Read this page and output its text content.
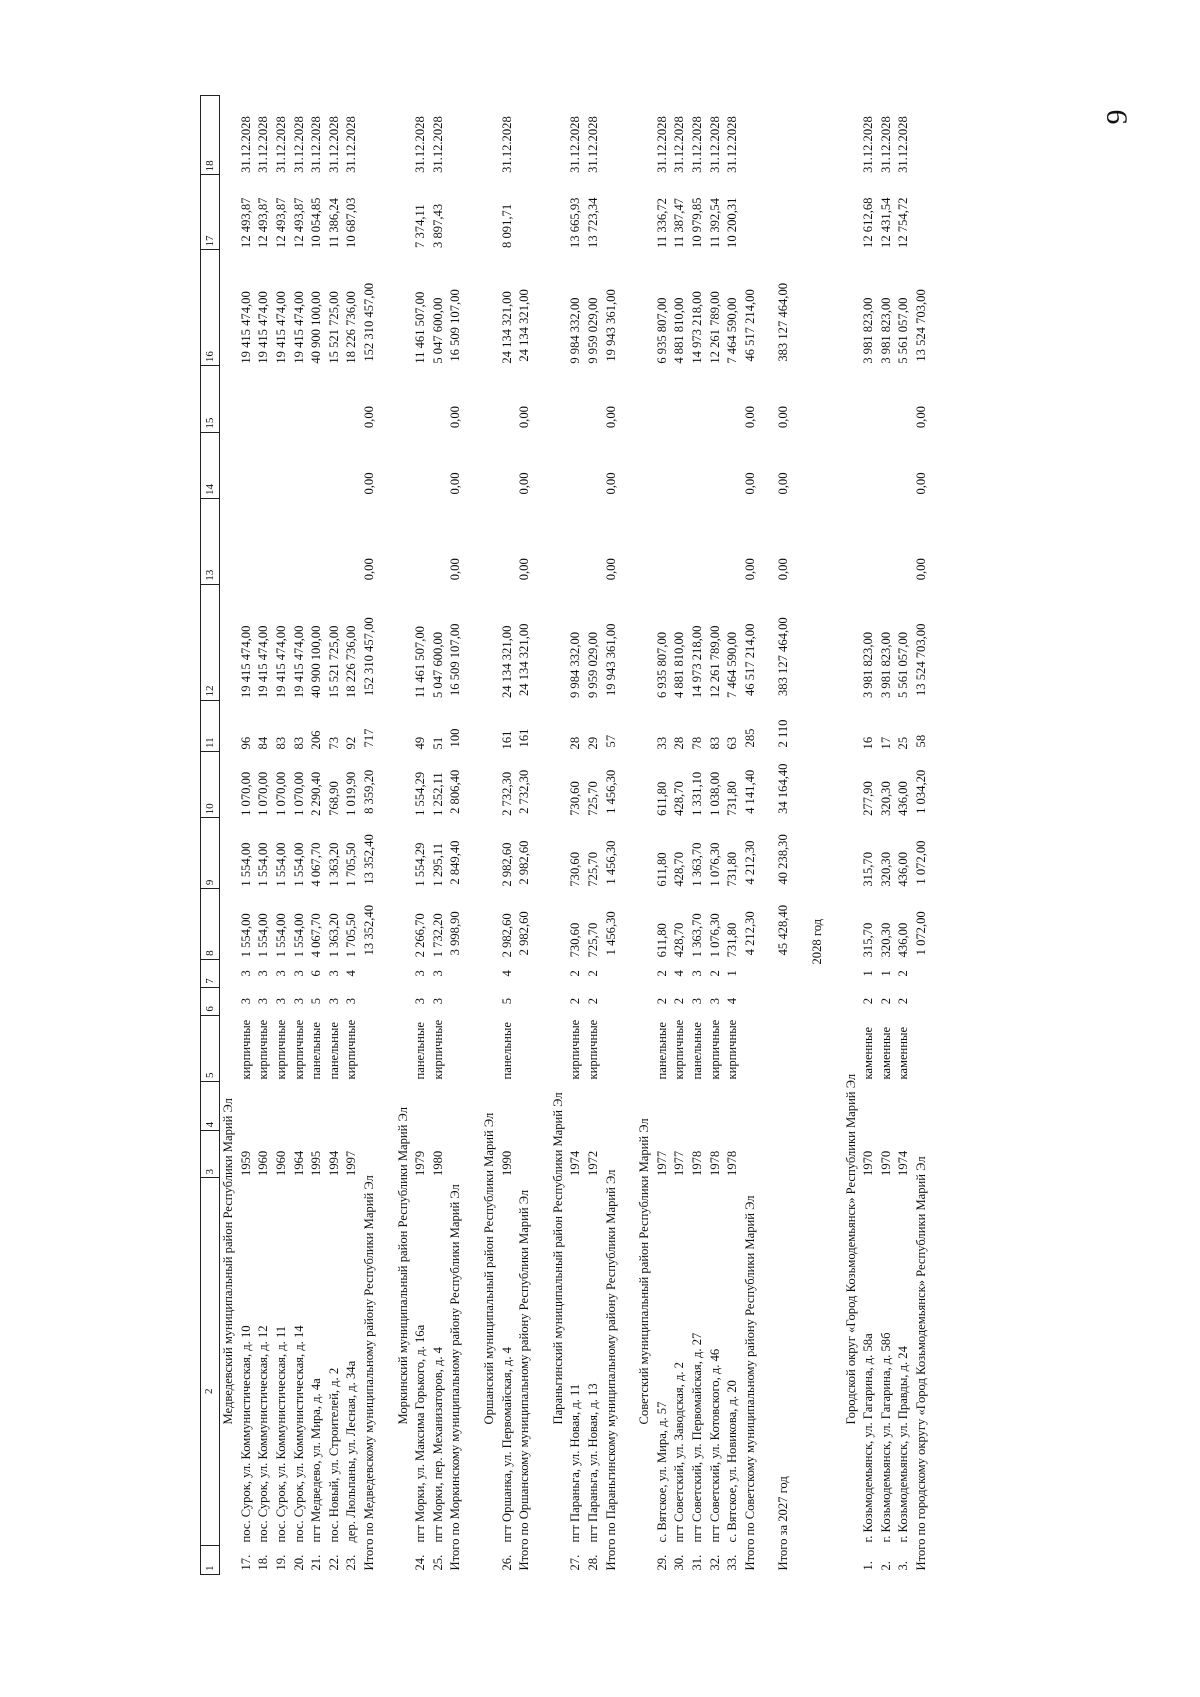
9
1
2	3	4	5	6	7	8	9	10	11	12	13	14	15	16	17	18
Медведевский муниципальный район Республики Марий Эл																
17.пос. Сурок, ул. Коммунистическая, д. 10	1959		кирпичные	3	3	1 554,00	1 554,00	1 070,00	96	19 415 474,00				19 415 474,00	12 493,87	31.12.2028
18.пос. Сурок, ул. Коммунистическая, д. 12	1960		кирпичные	3	3	1 554,00	1 554,00	1 070,00	84	19 415 474,00				19 415 474,00	12 493,87	31.12.2028
19.пос. Сурок, ул. Коммунистическая, д. 11	1960		кирпичные	3	3	1 554,00	1 554,00	1 070,00	83	19 415 474,00				19 415 474,00	12 493,87	31.12.2028
20.пос. Сурок, ул. Коммунистическая, д. 14	1964		кирпичные	3	3	1 554,00	1 554,00	1 070,00	83	19 415 474,00				19 415 474,00	12 493,87	31.12.2028
21.пгт Медведево, ул. Мира, д. 4а	1995		панельные	5	6	4 067,70	4 067,70	2 290,40	206	40 900 100,00				40 900 100,00	10 054,85	31.12.2028
22.пос. Новый, ул. Строителей, д. 2	1994		панельные	3	3	1 363,20	1 363,20	768,90	73	15 521 725,00				15 521 725,00	11 386,24	31.12.2028
23.дер. Люльпаны, ул. Лесная, д. 34а	1997		кирпичные	3	4	1 705,50	1 705,50	1 019,90	92	18 226 736,00				18 226 736,00	10 687,03	31.12.2028
Итого по Медведевскому муниципальному району Республики Марий Эл						13 352,40	13 352,40	8 359,20	717	152 310 457,00	0,00	0,00	0,00	152 310 457,00		

Моркинский муниципальный район Республики Марий Эл																
24.пгт Морки, ул. Максима Горького, д. 16а	1979		панельные	3	3	2 266,70	1 554,29	1 554,29	49	11 461 507,00				11 461 507,00	7 374,11	31.12.2028
25.пгт Морки, пер. Механизаторов, д. 4	1980		кирпичные	3	3	1 732,20	1 295,11	1 252,11	51	5 047 600,00				5 047 600,00	3 897,43	31.12.2028
Итого по Моркинскому муниципальному району Республики Марий Эл						3 998,90	2 849,40	2 806,40	100	16 509 107,00	0,00	0,00	0,00	16 509 107,00		

Оршанский муниципальный район Республики Марий Эл																
26.пгт Оршанка, ул. Первомайская, д. 4	1990		панельные	5	4	2 982,60	2 982,60	2 732,30	161	24 134 321,00				24 134 321,00	8 091,71	31.12.2028
Итого по Оршанскому муниципальному району Республики Марий Эл						2 982,60	2 982,60	2 732,30	161	24 134 321,00	0,00	0,00	0,00	24 134 321,00		

Параньгинский муниципальный район Республики Марий Эл																
27.пгт Параньга, ул. Новая, д. 11	1974		кирпичные	2	2	730,60	730,60	730,60	28	9 984 332,00				9 984 332,00	13 665,93	31.12.2028
28.пгт Параньга, ул. Новая, д. 13	1972		кирпичные	2	2	725,70	725,70	725,70	29	9 959 029,00				9 959 029,00	13 723,34	31.12.2028
Итого по Параньгинскому муниципальному району Республики Марий Эл						1 456,30	1 456,30	1 456,30	57	19 943 361,00	0,00	0,00	0,00	19 943 361,00		

Советский муниципальный район Республики Марий Эл																
29.с. Вятское, ул. Мира, д. 57	1977		панельные	2	2	611,80	611,80	611,80	33	6 935 807,00				6 935 807,00	11 336,72	31.12.2028
30.пгт Советский, ул. Заводская, д. 2	1977		кирпичные	2	4	428,70	428,70	428,70	28	4 881 810,00				4 881 810,00	11 387,47	31.12.2028
31.пгт Советский, ул. Первомайская, д. 27	1978		панельные	3	3	1 363,70	1 363,70	1 331,10	78	14 973 218,00				14 973 218,00	10 979,85	31.12.2028
32.пгт Советский, ул. Котовского, д. 46	1978		кирпичные	3	2	1 076,30	1 076,30	1 038,00	83	12 261 789,00				12 261 789,00	11 392,54	31.12.2028
33.с. Вятское, ул. Новикова, д. 20	1978		кирпичные	4	1	731,80	731,80	731,80	63	7 464 590,00				7 464 590,00	10 200,31	31.12.2028
Итого по Советскому муниципальному району Республики Марий Эл						4 212,30	4 212,30	4 141,40	285	46 517 214,00	0,00	0,00	0,00	46 517 214,00		

Итого за 2027 год						45 428,40	40 238,30	34 164,40	2 110	383 127 464,00	0,00	0,00	0,00	383 127 464,00		

2028 год																

Городской округ «Город Козьмодемьянск» Республики Марий Эл																
1.г. Козьмодемьянск, ул. Гагарина, д. 58а	1970		каменные	2	1	315,70	315,70	277,90	16	3 981 823,00				3 981 823,00	12 612,68	31.12.2028
2.г. Козьмодемьянск, ул. Гагарина, д. 58б	1970		каменные	2	1	320,30	320,30	320,30	17	3 981 823,00				3 981 823,00	12 431,54	31.12.2028
3.г. Козьмодемьянск, ул. Правды, д. 24	1974		каменные	2	2	436,00	436,00	436,00	25	5 561 057,00				5 561 057,00	12 754,72	31.12.2028
Итого по городскому округу «Город Козьмодемьянск» Республики Марий Эл						1 072,00	1 072,00	1 034,20	58	13 524 703,00	0,00	0,00	0,00	13 524 703,00		
